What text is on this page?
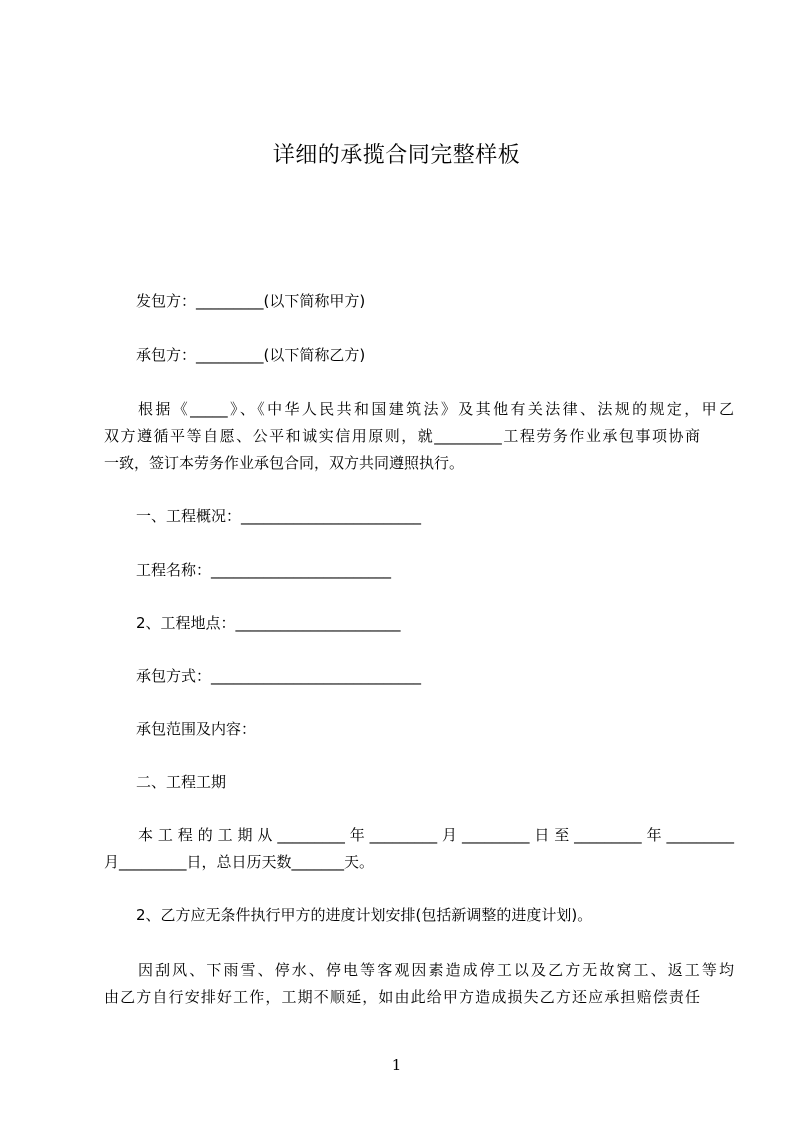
详细的承揽合同完整样板
发包方：_________(以下简称甲方)
承包方：_________(以下简称乙方)
根据《_____》、《中华人民共和国建筑法》及其他有关法律、法规的规定，甲乙
双方遵循平等自愿、公平和诚实信用原则，就_________工程劳务作业承包事项协商
一致，签订本劳务作业承包合同，双方共同遵照执行。
一、工程概况：________________________
工程名称：________________________
2、工程地点：______________________
承包方式：____________________________
承包范围及内容：
二、工程工期
本工程的工期从_________年_________月_________日至_________年_________
月_________日，总日历天数_______天。
2、乙方应无条件执行甲方的进度计划安排(包括新调整的进度计划)。
因刮风、下雨雪、停水、停电等客观因素造成停工以及乙方无故窝工、返工等均
由乙方自行安排好工作，工期不顺延，如由此给甲方造成损失乙方还应承担赔偿责任
1
